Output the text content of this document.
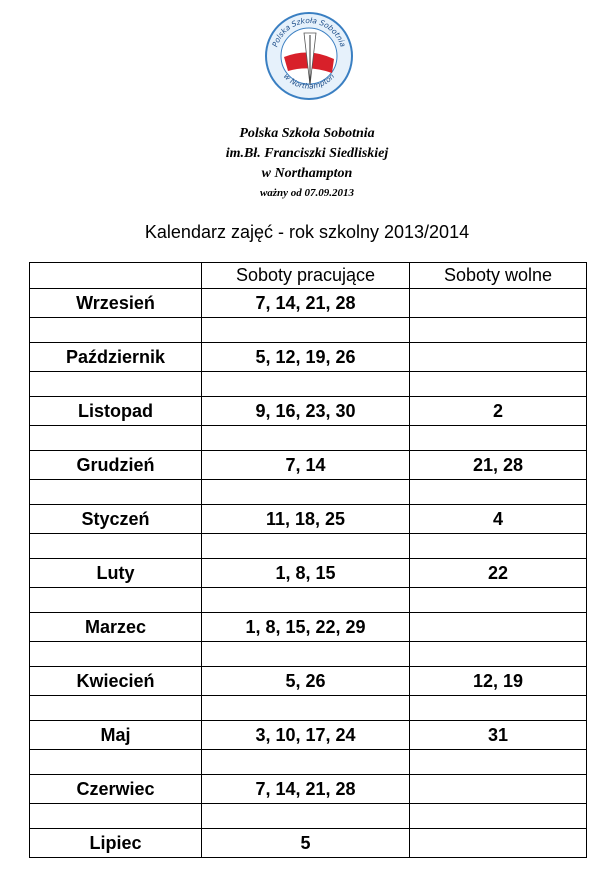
Polska Szkoła Sobotnia
w Northampton
Polska Szkoła Sobotnia
im.Bł. Franciszki Siedliskiej
w Northampton
ważny od 07.09.2013
Kalendarz zajęć - rok szkolny 2013/2014
	Soboty pracujące	Soboty wolne
Wrzesień	7, 14, 21, 28	

Październik	5, 12, 19, 26	

Listopad	9, 16, 23, 30	2

Grudzień	7, 14	21, 28

Styczeń	11, 18, 25	4

Luty	1, 8, 15	22

Marzec	1, 8, 15, 22, 29	

Kwiecień	5, 26	12, 19

Maj	3, 10, 17, 24	31

Czerwiec	7, 14, 21, 28	

Lipiec	5	
